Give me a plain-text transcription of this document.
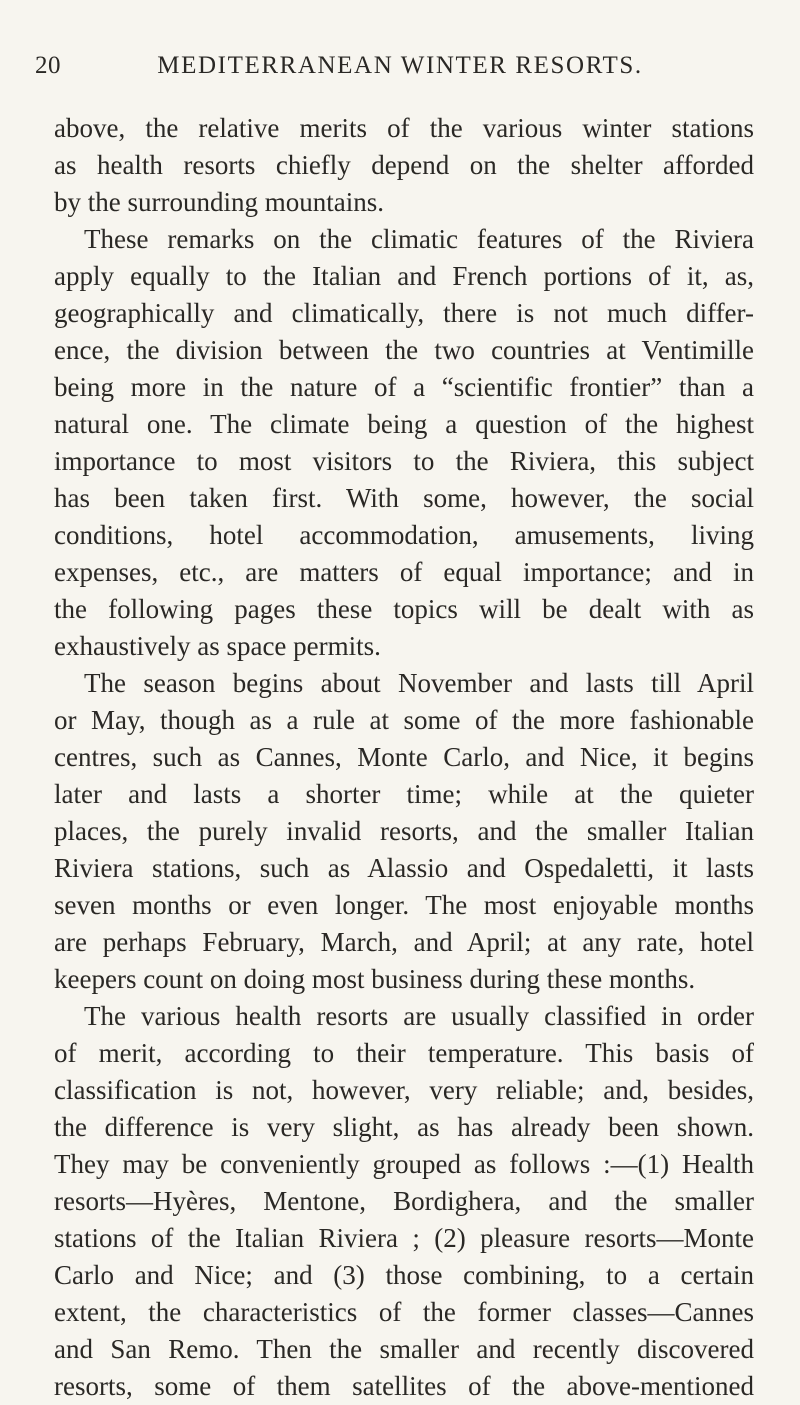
20	MEDITERRANEAN WINTER RESORTS.
above, the relative merits of the various winter stations
as health resorts chiefly depend on the shelter afforded
by the surrounding mountains.
These remarks on the climatic features of the Riviera
apply equally to the Italian and French portions of it, as,
geographically and climatically, there is not much differ-
ence, the division between the two countries at Ventimille
being more in the nature of a “scientific frontier” than a
natural one. The climate being a question of the highest
importance to most visitors to the Riviera, this subject
has been taken first. With some, however, the social
conditions, hotel accommodation, amusements, living
expenses, etc., are matters of equal importance; and in
the following pages these topics will be dealt with as
exhaustively as space permits.
The season begins about November and lasts till April
or May, though as a rule at some of the more fashionable
centres, such as Cannes, Monte Carlo, and Nice, it begins
later and lasts a shorter time; while at the quieter
places, the purely invalid resorts, and the smaller Italian
Riviera stations, such as Alassio and Ospedaletti, it lasts
seven months or even longer. The most enjoyable months
are perhaps February, March, and April; at any rate, hotel
keepers count on doing most business during these months.
The various health resorts are usually classified in order
of merit, according to their temperature. This basis of
classification is not, however, very reliable; and, besides,
the difference is very slight, as has already been shown.
They may be conveniently grouped as follows :—(1) Health
resorts—Hyères, Mentone, Bordighera, and the smaller
stations of the Italian Riviera ; (2) pleasure resorts—Monte
Carlo and Nice; and (3) those combining, to a certain
extent, the characteristics of the former classes—Cannes
and San Remo. Then the smaller and recently discovered
resorts, some of them satellites of the above-mentioned
